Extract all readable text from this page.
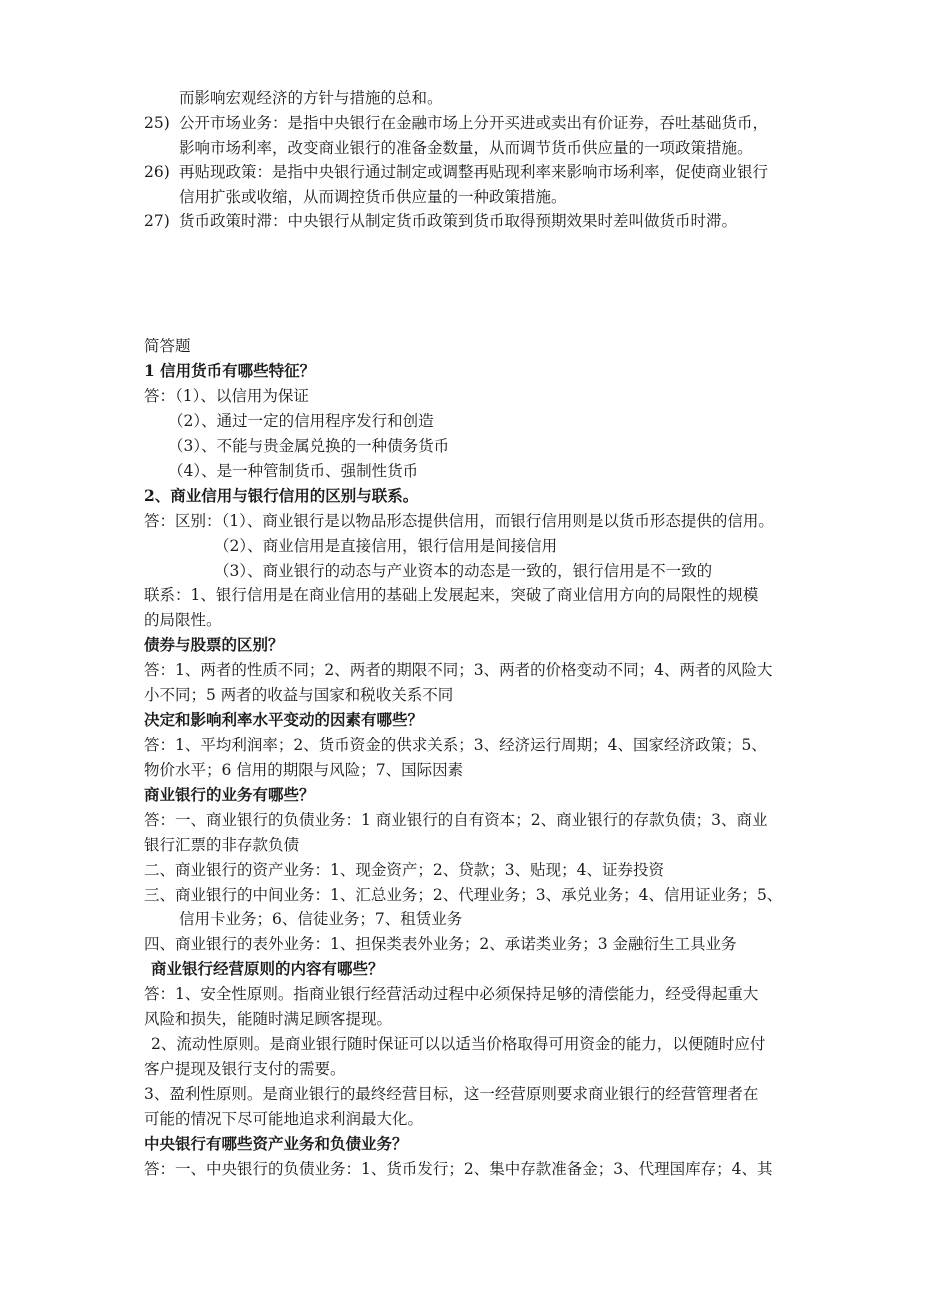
而影响宏观经济的方针与措施的总和。
25) 公开市场业务：是指中央银行在金融市场上分开买进或卖出有价证券，吞吐基础货币，
影响市场利率，改变商业银行的准备金数量，从而调节货币供应量的一项政策措施。
26) 再贴现政策：是指中央银行通过制定或调整再贴现利率来影响市场利率，促使商业银行
信用扩张或收缩，从而调控货币供应量的一种政策措施。
27) 货币政策时滞：中央银行从制定货币政策到货币取得预期效果时差叫做货币时滞。
简答题
1 信用货币有哪些特征？
答：（1）、以信用为保证
（2）、通过一定的信用程序发行和创造
（3）、不能与贵金属兑换的一种债务货币
（4）、是一种管制货币、强制性货币
2、商业信用与银行信用的区别与联系。
答：区别：（1）、商业银行是以物品形态提供信用，而银行信用则是以货币形态提供的信用。
（2）、商业信用是直接信用，银行信用是间接信用
（3）、商业银行的动态与产业资本的动态是一致的，银行信用是不一致的
联系：1、银行信用是在商业信用的基础上发展起来，突破了商业信用方向的局限性的规模
的局限性。
债券与股票的区别？
答：1、两者的性质不同；2、两者的期限不同；3、两者的价格变动不同；4、两者的风险大
小不同；5 两者的收益与国家和税收关系不同
决定和影响利率水平变动的因素有哪些？
答：1、平均利润率；2、货币资金的供求关系；3、经济运行周期；4、国家经济政策；5、
物价水平；6 信用的期限与风险；7、国际因素
商业银行的业务有哪些？
答：一、商业银行的负债业务：1 商业银行的自有资本；2、商业银行的存款负债；3、商业
银行汇票的非存款负债
二、商业银行的资产业务：1、现金资产；2、贷款；3、贴现；4、证券投资
三、商业银行的中间业务：1、汇总业务；2、代理业务；3、承兑业务；4、信用证业务；5、
信用卡业务；6、信徒业务；7、租赁业务
四、商业银行的表外业务：1、担保类表外业务；2、承诺类业务；3 金融衍生工具业务
商业银行经营原则的内容有哪些？
答：1、安全性原则。指商业银行经营活动过程中必须保持足够的清偿能力，经受得起重大
风险和损失，能随时满足顾客提现。
2、流动性原则。是商业银行随时保证可以以适当价格取得可用资金的能力，以便随时应付
客户提现及银行支付的需要。
3、盈利性原则。是商业银行的最终经营目标，这一经营原则要求商业银行的经营管理者在
可能的情况下尽可能地追求利润最大化。
中央银行有哪些资产业务和负债业务？
答：一、中央银行的负债业务：1、货币发行；2、集中存款准备金；3、代理国库存；4、其
